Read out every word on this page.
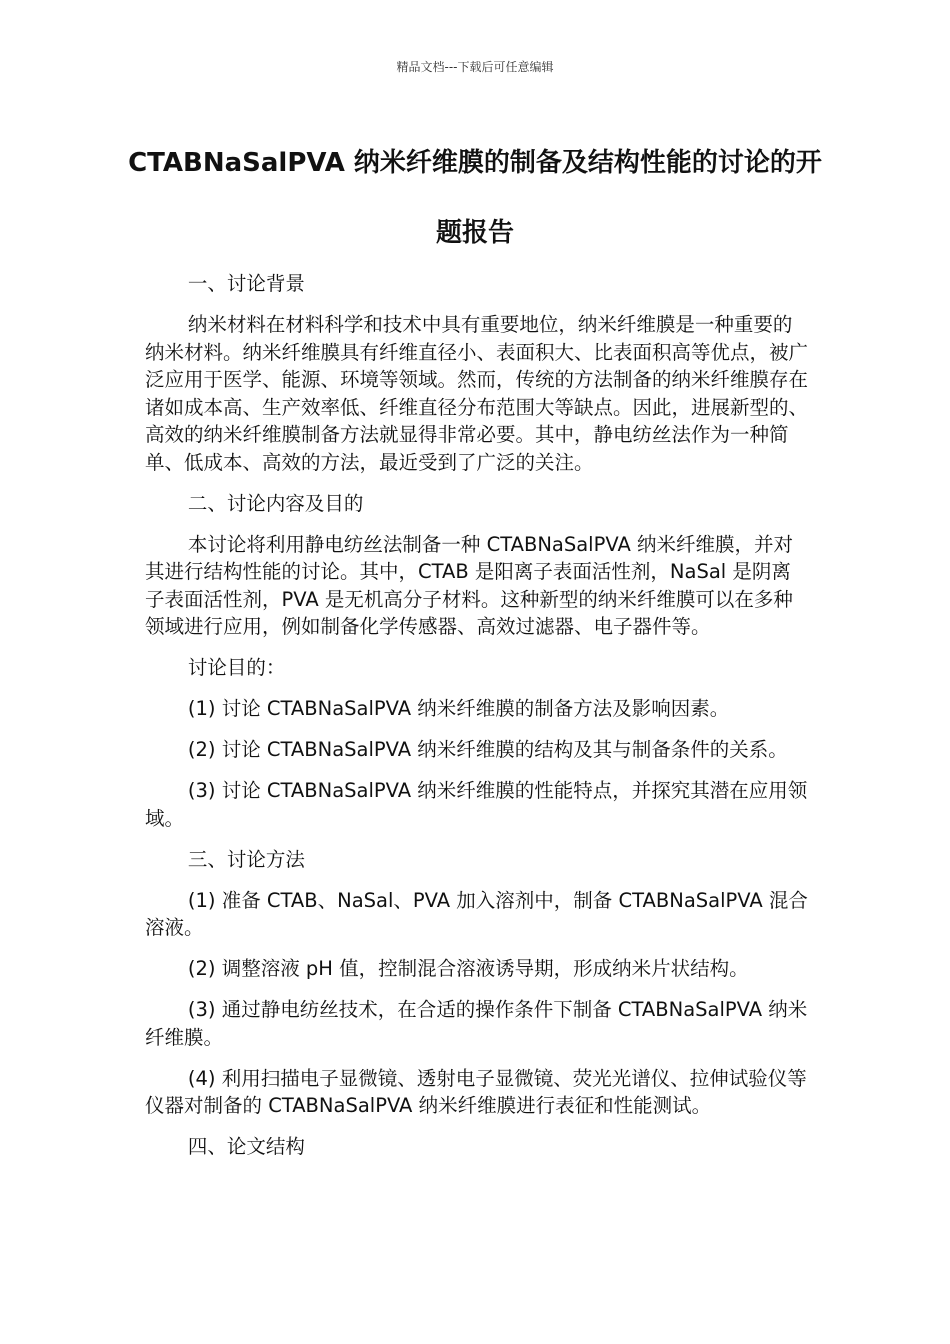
精品文档---下载后可任意编辑
CTABNaSalPVA 纳米纤维膜的制备及结构性能的讨论的开题报告

一、讨论背景

纳米材料在材料科学和技术中具有重要地位，纳米纤维膜是一种重要的纳米材料。纳米纤维膜具有纤维直径小、表面积大、比表面积高等优点，被广泛应用于医学、能源、环境等领域。然而，传统的方法制备的纳米纤维膜存在诸如成本高、生产效率低、纤维直径分布范围大等缺点。因此，进展新型的、高效的纳米纤维膜制备方法就显得非常必要。其中，静电纺丝法作为一种简单、低成本、高效的方法，最近受到了广泛的关注。

二、讨论内容及目的

本讨论将利用静电纺丝法制备一种 CTABNaSalPVA 纳米纤维膜，并对其进行结构性能的讨论。其中，CTAB 是阳离子表面活性剂，NaSal 是阴离子表面活性剂，PVA 是无机高分子材料。这种新型的纳米纤维膜可以在多种领域进行应用，例如制备化学传感器、高效过滤器、电子器件等。

讨论目的：

(1) 讨论 CTABNaSalPVA 纳米纤维膜的制备方法及影响因素。

(2) 讨论 CTABNaSalPVA 纳米纤维膜的结构及其与制备条件的关系。

(3) 讨论 CTABNaSalPVA 纳米纤维膜的性能特点，并探究其潜在应用领域。

三、讨论方法

(1) 准备 CTAB、NaSal、PVA 加入溶剂中，制备 CTABNaSalPVA 混合溶液。

(2) 调整溶液 pH 值，控制混合溶液诱导期，形成纳米片状结构。

(3) 通过静电纺丝技术，在合适的操作条件下制备 CTABNaSalPVA 纳米纤维膜。

(4) 利用扫描电子显微镜、透射电子显微镜、荧光光谱仪、拉伸试验仪等仪器对制备的 CTABNaSalPVA 纳米纤维膜进行表征和性能测试。

四、论文结构
